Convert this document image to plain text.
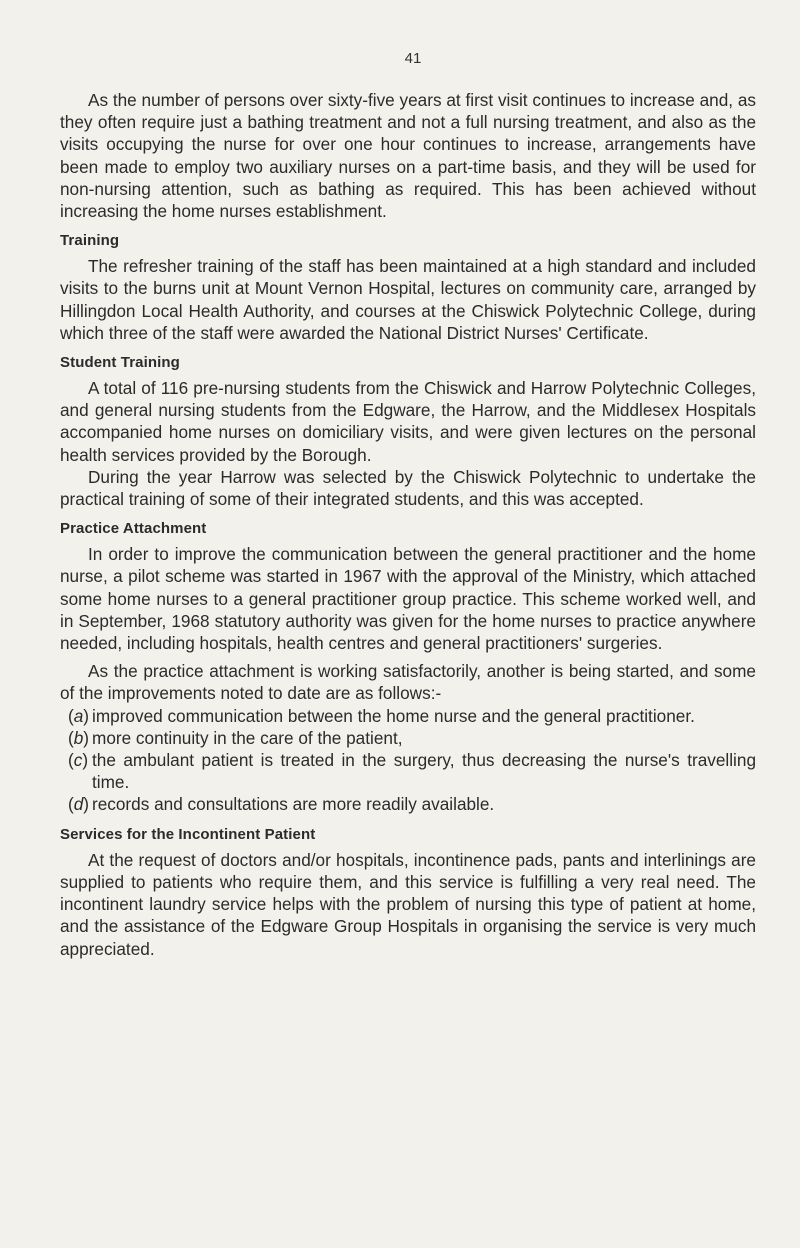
41

As the number of persons over sixty-five years at first visit continues to increase and, as they often require just a bathing treatment and not a full nursing treatment, and also as the visits occupying the nurse for over one hour continues to increase, arrangements have been made to employ two auxiliary nurses on a part-time basis, and they will be used for non-nursing attention, such as bathing as required. This has been achieved without increasing the home nurses establishment.

Training

The refresher training of the staff has been maintained at a high standard and included visits to the burns unit at Mount Vernon Hospital, lectures on community care, arranged by Hillingdon Local Health Authority, and courses at the Chiswick Polytechnic College, during which three of the staff were awarded the National District Nurses' Certificate.

Student Training

A total of 116 pre-nursing students from the Chiswick and Harrow Polytechnic Colleges, and general nursing students from the Edgware, the Harrow, and the Middlesex Hospitals accompanied home nurses on domiciliary visits, and were given lectures on the personal health services provided by the Borough.

During the year Harrow was selected by the Chiswick Polytechnic to undertake the practical training of some of their integrated students, and this was accepted.

Practice Attachment

In order to improve the communication between the general practitioner and the home nurse, a pilot scheme was started in 1967 with the approval of the Ministry, which attached some home nurses to a general practitioner group practice. This scheme worked well, and in September, 1968 statutory authority was given for the home nurses to practice anywhere needed, including hospitals, health centres and general practitioners' surgeries.

As the practice attachment is working satisfactorily, another is being started, and some of the improvements noted to date are as follows:-

(a) improved communication between the home nurse and the general practitioner.
(b) more continuity in the care of the patient,
(c) the ambulant patient is treated in the surgery, thus decreasing the nurse's travelling time.
(d) records and consultations are more readily available.
Services for the Incontinent Patient

At the request of doctors and/or hospitals, incontinence pads, pants and interlinings are supplied to patients who require them, and this service is fulfilling a very real need. The incontinent laundry service helps with the problem of nursing this type of patient at home, and the assistance of the Edgware Group Hospitals in organising the service is very much appreciated.
